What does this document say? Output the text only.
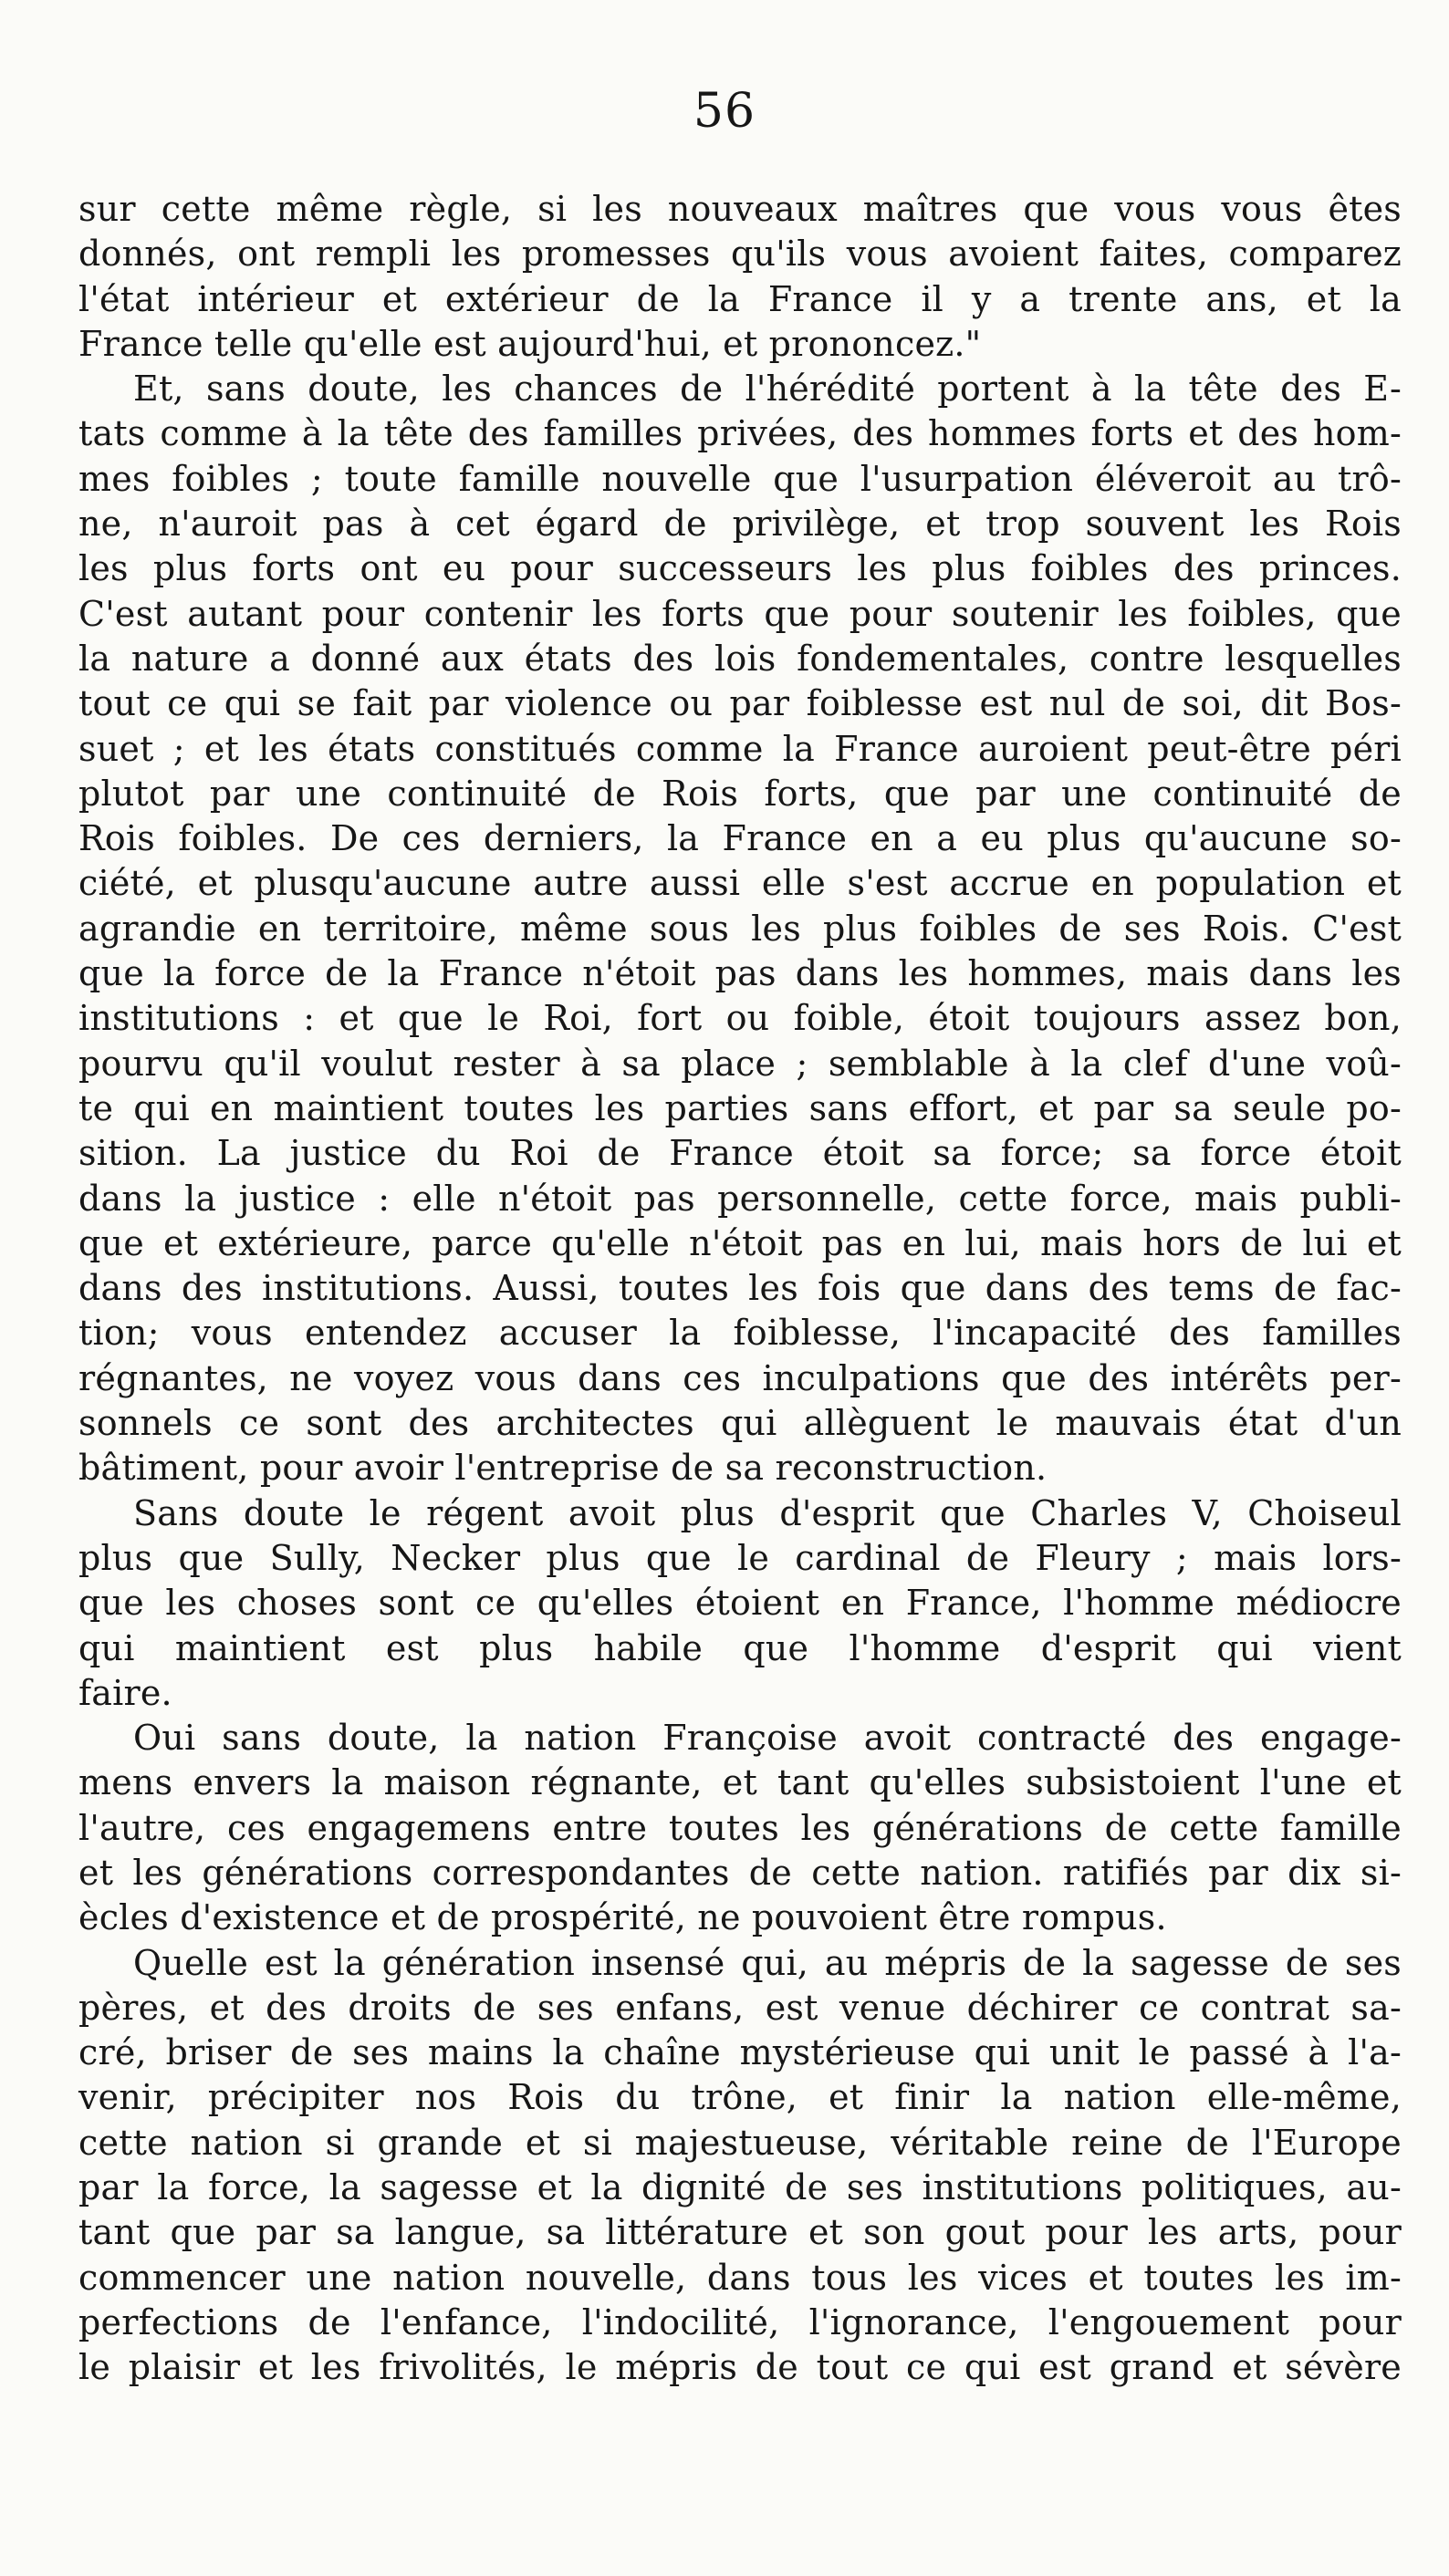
56
sur cette même règle, si les nouveaux maîtres que vous vous êtes
donnés, ont rempli les promesses qu'ils vous avoient faites, comparez
l'état intérieur et extérieur de la France il y a trente ans, et la
France telle qu'elle est aujourd'hui, et prononcez."
Et, sans doute, les chances de l'hérédité portent à la tête des E-
tats comme à la tête des familles privées, des hommes forts et des hom-
mes foibles ; toute famille nouvelle que l'usurpation éléveroit au trô-
ne, n'auroit pas à cet égard de privilège, et trop souvent les Rois
les plus forts ont eu pour successeurs les plus foibles des princes.
C'est autant pour contenir les forts que pour soutenir les foibles, que
la nature a donné aux états des lois fondementales, contre lesquelles
tout ce qui se fait par violence ou par foiblesse est nul de soi, dit Bos-
suet ; et les états constitués comme la France auroient peut-être péri
plutot par une continuité de Rois forts, que par une continuité de
Rois foibles. De ces derniers, la France en a eu plus qu'aucune so-
ciété, et plusqu'aucune autre aussi elle s'est accrue en population et
agrandie en territoire, même sous les plus foibles de ses Rois. C'est
que la force de la France n'étoit pas dans les hommes, mais dans les
institutions : et que le Roi, fort ou foible, étoit toujours assez bon,
pourvu qu'il voulut rester à sa place ; semblable à la clef d'une voû-
te qui en maintient toutes les parties sans effort, et par sa seule po-
sition. La justice du Roi de France étoit sa force; sa force étoit
dans la justice : elle n'étoit pas personnelle, cette force, mais publi-
que et extérieure, parce qu'elle n'étoit pas en lui, mais hors de lui et
dans des institutions. Aussi, toutes les fois que dans des tems de fac-
tion; vous entendez accuser la foiblesse, l'incapacité des familles
régnantes, ne voyez vous dans ces inculpations que des intérêts per-
sonnels ce sont des architectes qui allèguent le mauvais état d'un
bâtiment, pour avoir l'entreprise de sa reconstruction.
Sans doute le régent avoit plus d'esprit que Charles V, Choiseul
plus que Sully, Necker plus que le cardinal de Fleury ; mais lors-
que les choses sont ce qu'elles étoient en France, l'homme médiocre
qui maintient est plus habile que l'homme d'esprit qui vient
faire.
Oui sans doute, la nation Françoise avoit contracté des engage-
mens envers la maison régnante, et tant qu'elles subsistoient l'une et
l'autre, ces engagemens entre toutes les générations de cette famille
et les générations correspondantes de cette nation. ratifiés par dix si-
ècles d'existence et de prospérité, ne pouvoient être rompus.
Quelle est la génération insensé qui, au mépris de la sagesse de ses
pères, et des droits de ses enfans, est venue déchirer ce contrat sa-
cré, briser de ses mains la chaîne mystérieuse qui unit le passé à l'a-
venir, précipiter nos Rois du trône, et finir la nation elle-même,
cette nation si grande et si majestueuse, véritable reine de l'Europe
par la force, la sagesse et la dignité de ses institutions politiques, au-
tant que par sa langue, sa littérature et son gout pour les arts, pour
commencer une nation nouvelle, dans tous les vices et toutes les im-
perfections de l'enfance, l'indocilité, l'ignorance, l'engouement pour
le plaisir et les frivolités, le mépris de tout ce qui est grand et sévère
